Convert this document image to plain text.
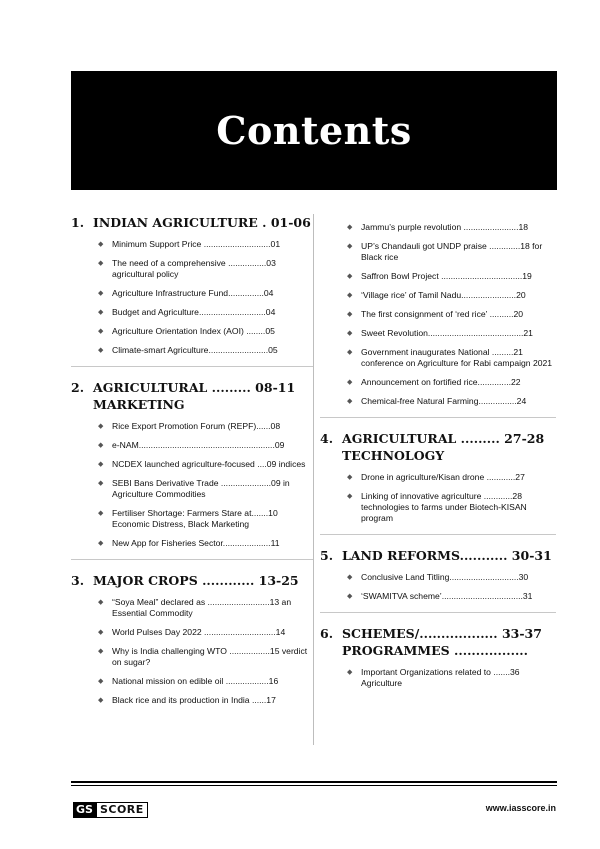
Contents
1. INDIAN AGRICULTURE . 01-06
◆	Minimum Support Price ............................01
◆	The need of a comprehensive ................03 agricultural policy
◆	Agriculture Infrastructure Fund...............04
◆	Budget and Agriculture............................04
◆	Agriculture Orientation Index (AOI) ........05
◆	Climate-smart Agriculture.........................05
2. AGRICULTURAL ......... 08-11 MARKETING
◆	Rice Export Promotion Forum (REPF)......08
◆	e-NAM.........................................................09
◆	NCDEX launched agriculture-focused ....09 indices
◆	SEBI Bans Derivative Trade .....................09 in Agriculture Commodities
◆	Fertiliser Shortage: Farmers Stare at.......10 Economic Distress, Black Marketing
◆	New App for Fisheries Sector....................11
3. MAJOR CROPS ............ 13-25
◆	“Soya Meal” declared as ..........................13 an Essential Commodity
◆	World Pulses Day 2022 ..............................14
◆	Why is India challenging WTO .................15 verdict on sugar?
◆	National mission on edible oil ..................16
◆	Black rice and its production in India ......17
◆	Jammu’s purple revolution .......................18
◆	UP’s Chandauli got UNDP praise .............18 for Black rice
◆	Saffron Bowl Project ..................................19
◆	‘Village rice’ of Tamil Nadu.......................20
◆	The first consignment of ‘red rice’ ..........20
◆	Sweet Revolution........................................21
◆	Government inaugurates National .........21 conference on Agriculture for Rabi campaign 2021
◆	Announcement on fortified rice..............22
◆	Chemical-free Natural Farming................24
4. AGRICULTURAL ......... 27-28 TECHNOLOGY
◆	Drone in agriculture/Kisan drone ............27
◆	Linking of innovative agriculture ............28 technologies to farms under Biotech-KISAN program
5. LAND REFORMS........... 30-31
◆	Conclusive Land Titling.............................30
◆	‘SWAMITVA scheme’..................................31
6. SCHEMES/.................. 33-37 PROGRAMMES .................
◆	Important Organizations related to .......36 Agriculture
GS SCORE	www.iasscore.in
